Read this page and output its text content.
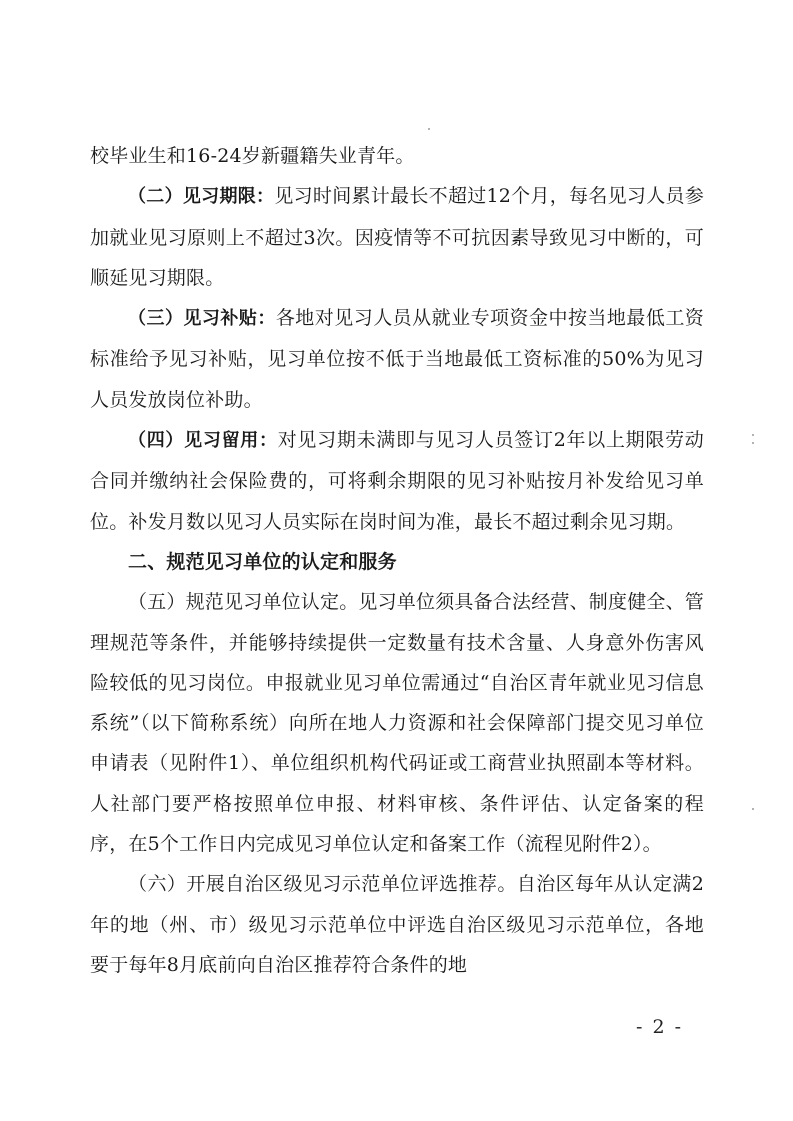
校毕业生和16-24岁新疆籍失业青年。

（二）见习期限：见习时间累计最长不超过12个月，每名见习人员参加就业见习原则上不超过3次。因疫情等不可抗因素导致见习中断的，可顺延见习期限。

（三）见习补贴：各地对见习人员从就业专项资金中按当地最低工资标准给予见习补贴，见习单位按不低于当地最低工资标准的50%为见习人员发放岗位补助。

（四）见习留用：对见习期未满即与见习人员签订2年以上期限劳动合同并缴纳社会保险费的，可将剩余期限的见习补贴按月补发给见习单位。补发月数以见习人员实际在岗时间为准，最长不超过剩余见习期。

二、规范见习单位的认定和服务

（五）规范见习单位认定。见习单位须具备合法经营、制度健全、管理规范等条件，并能够持续提供一定数量有技术含量、人身意外伤害风险较低的见习岗位。申报就业见习单位需通过“自治区青年就业见习信息系统”（以下简称系统）向所在地人力资源和社会保障部门提交见习单位申请表（见附件1）、单位组织机构代码证或工商营业执照副本等材料。人社部门要严格按照单位申报、材料审核、条件评估、认定备案的程序，在5个工作日内完成见习单位认定和备案工作（流程见附件2）。

（六）开展自治区级见习示范单位评选推荐。自治区每年从认定满2年的地（州、市）级见习示范单位中评选自治区级见习示范单位，各地要于每年8月底前向自治区推荐符合条件的地

- 2 -
